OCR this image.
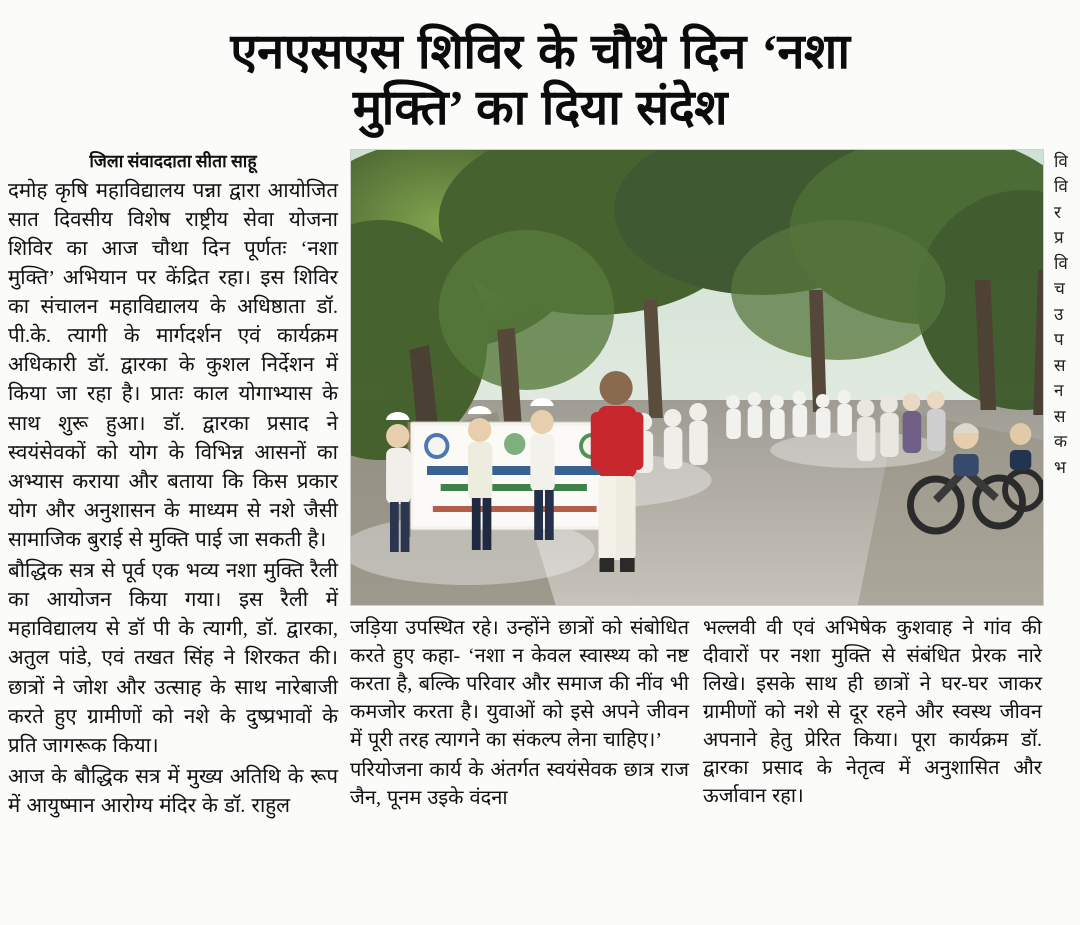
एनएसएस शिविर के चौथे दिन ‘नशा
मुक्ति’ का दिया संदेश
जिला संवाददाता सीता साहू

दमोह कृषि महाविद्यालय पन्ना द्वारा आयोजित सात दिवसीय विशेष राष्ट्रीय सेवा योजना शिविर का आज चौथा दिन पूर्णतः ‘नशा मुक्ति’ अभियान पर केंद्रित रहा। इस शिविर का संचालन महाविद्यालय के अधिष्ठाता डॉ. पी.के. त्यागी के मार्गदर्शन एवं कार्यक्रम अधिकारी डॉ. द्वारका के कुशल निर्देशन में किया जा रहा है। प्रातः काल योगाभ्यास के साथ शुरू हुआ। डॉ. द्वारका प्रसाद ने स्वयंसेवकों को योग के विभिन्न आसनों का अभ्यास कराया और बताया कि किस प्रकार योग और अनुशासन के माध्यम से नशे जैसी सामाजिक बुराई से मुक्ति पाई जा सकती है।

बौद्धिक सत्र से पूर्व एक भव्य नशा मुक्ति रैली का आयोजन किया गया। इस रैली में महाविद्यालय से डॉ पी के त्यागी, डॉ. द्वारका, अतुल पांडे, एवं तखत सिंह ने शिरकत की। छात्रों ने जोश और उत्साह के साथ नारेबाजी करते हुए ग्रामीणों को नशे के दुष्प्रभावों के प्रति जागरूक किया।

आज के बौद्धिक सत्र में मुख्य अतिथि के रूप में आयुष्मान आरोग्य मंदिर के डॉ. राहुल

जड़िया उपस्थित रहे। उन्होंने छात्रों को संबोधित करते हुए कहा- ‘नशा न केवल स्वास्थ्य को नष्ट करता है, बल्कि परिवार और समाज की नींव भी कमजोर करता है। युवाओं को इसे अपने जीवन में पूरी तरह त्यागने का संकल्प लेना चाहिए।’

परियोजना कार्य के अंतर्गत स्वयंसेवक छात्र राज जैन, पूनम उइके वंदना

भल्लवी वी एवं अभिषेक कुशवाह ने गांव की दीवारों पर नशा मुक्ति से संबंधित प्रेरक नारे लिखे। इसके साथ ही छात्रों ने घर-घर जाकर ग्रामीणों को नशे से दूर रहने और स्वस्थ जीवन अपनाने हेतु प्रेरित किया। पूरा कार्यक्रम डॉ. द्वारका प्रसाद के नेतृत्व में अनुशासित और ऊर्जावान रहा।

वि
वि
र
प्र
वि
च
उ
प
स
न
स
क
भ
